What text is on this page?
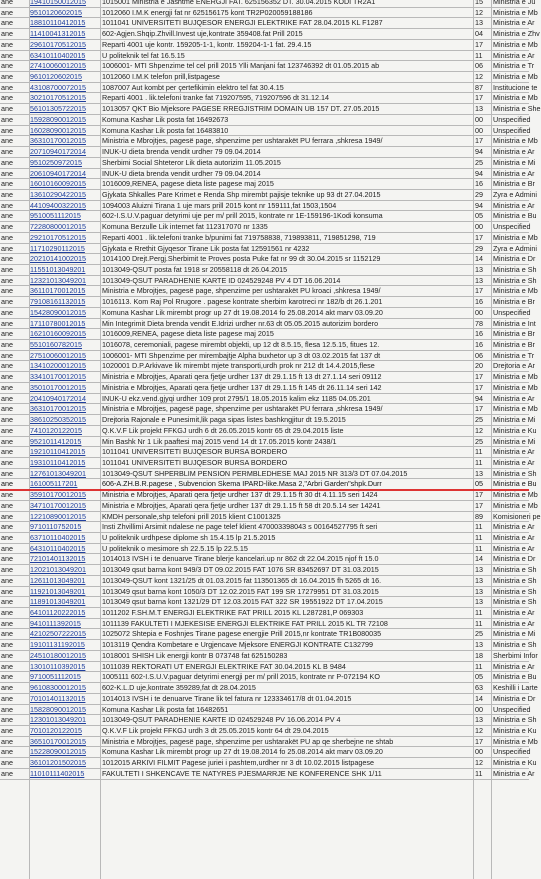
ane	19410150012015	1015001 Ministria e Jashtme ENERGJI FAT. 625156352 DT. 30.04.2015 KODI TR2A1	15	Ministria e Ju
ane	9510120602015	1012060 I.M.K energji fat nr 625156175 kont TR2P020059188186	12	Ministria e Mb
ane	18810110412015	1011041 UNIVERSITETI BUJQESOR ENERGJI ELEKTRIKE FAT 28.04.2015 KL F1287	13	Ministria e Ar
ane	11410041312015	602-Agjen.Shqip.Zhvill.Invest uje,kontrate 359408.fat Prill 2015	04	Ministria e Zhv
ane	29610170512015	Reparti 4001 uje kontr. 159205-1-1, kontr. 159204-1-1 fat. 29.4.15	17	Ministria e Mb
ane	63410110402015	U politeknik tel fat 16.5.15	11	Ministria e Ar
ane	27410060012015	1006001- MTI Shpenzime tel cel prill 2015 Ylli Manjani fat 123746392 dt 01.05.2015 ab	06	Ministria e Tr
ane	9610120602015	1012060 I.M.K telefon prill,listpagese	12	Ministria e Mb
ane	43108700072015	1087007 Aut kombt per çertefikimin elektro tel fat 30.4.15	87	Institucione te
ane	30210170512015	Reparti 4001 . lik.telefoni tranke fat 719207595, 719207596 dt 31.12.14	17	Ministria e Mb
ane	56101305722015	1013057 QKT Bio Mjeksore PAGESE RREGJISTRIM DOMAIN UB 157 DT. 27.05.2015	13	Ministria e She
ane	15928090012015	Komuna Kashar Lik posta fat 16492673	00	Unspecified
ane	16028090012015	Komuna Kashar Lik posta fat 16483810	00	Unspecified
ane	36310170012015	Ministria e Mbrojtjes, pagesë page, shpenzime per ushtarakët PU ferrara ,shkresa 1949/	17	Ministria e Mb
ane	20710940172014	INUK-U dieta brenda vendit urdher 79 09.04.2014	94	Ministria e Ar
ane	9510250972015	Sherbimi Social Shteteror Lik dieta autorizim 11.05.2015	25	Ministria e Mi
ane	20610940172014	INUK-U dieta brenda vendit urdher 79 09.04.2014	94	Ministria e Ar
ane	16010160092015	1016009,RENEA, pagese dieta liste pagese maj 2015	16	Ministria e Br
ane	13610290422015	Gjykata Shkalles Pare Krimet e Renda Shp mirembt pajisje teknike up 93 dt 27.04.2015	29	Zyra e Admini
ane	44109400322015	1094003 Aluizni Tirana 1 uje mars prill 2015 kont nr 159111,fat 1503,1504	94	Ministria e Ar
ane	9510051112015	602-I.S.U.V.paguar detyrimi uje per m/ prill 2015, kontrate nr 1E-159196-1Kodi konsuma	05	Ministria e Bu
ane	72280800012015	Komuna Berzulle Lik internet fat 112317070 nr 1335	00	Unspecified
ane	29210170512015	Reparti 4001 . lik.telefoni tranke b/punimi fat 719758838, 719893811, 719851298, 719	17	Ministria e Mb
ane	11710290112015	Gjykata e Rrethit Gjyqesor Tirane Lik posta fat 12591561 nr 4232	29	Zyra e Admini
ane	20210141002015	1014100 Drejt.Pergj.Sherbimit te Proves posta Puke fat nr 99 dt 30.04.2015 sr 1152129	14	Ministria e Dr
ane	11551013049201	1013049-QSUT posta fat 1918 sr 20558118 dt 26.04.2015	13	Ministria e Sh
ane	12321013049201	1013049-QSUT PARADHENIE KARTE ID 024529248 PV 4 DT 16.06.2014	13	Ministria e Sh
ane	36110170012015	Ministria e Mbrojtjes, pagesë page, shpenzime per ushtarakët PU kroaci ,shkresa 1949/	17	Ministria e Mb
ane	79108161132015	1016113. Kom Raj Pol Rrugore . pagese kontrate sherbim karotreci nr 182/b dt 26.1.201	16	Ministria e Br
ane	15428090012015	Komuna Kashar Lik mirembt progr up 27 dt 19.08.2014 fo 25.08.2014 akt marv 03.09.20	00	Unspecified
ane	17110780012015	Min Integrimit Dieta brenda vendit E.Idrizi urdher nr.63 dt 05.05.2015 autorizim bordero	78	Ministria e Int
ane	16210160092015	1016009,RENEA, pagese dieta liste pagese maj 2015	16	Ministria e Br
ane	5510160782015	1016078, ceremoniali, pagese mirembt objekti, up 12 dt 8.5.15, flesa 12.5.15, fitues 12.	16	Ministria e Br
ane	27510060012015	1006001- MTI Shpenzime per mirembajtje Alpha buxhetor up 3 dt 03.02.2015 fat 137 dt	06	Ministria e Tr
ane	13410200012015	1020001 D.P.Arkivave lik mirembt mjete transporti,urdh prok nr 212 dt 14.4.2015,flese	20	Drejtoria e Ar
ane	33410170012015	Ministria e Mbrojtjes, Aparati qera fjetje urdher 137 dt 29.1.15 ft 13 dt 27.1.14 seri 09112	17	Ministria e Mb
ane	35010170012015	Ministria e Mbrojtjes, Aparati qera fjetje urdher 137 dt 29.1.15 ft 145 dt 26.11.14 seri 142	17	Ministria e Mb
ane	20410940172014	INUK-U ekz.vend.gjyqi urdher 109 prot 2795/1 18.05.2015 kalim ekz 1185 04.05.201	94	Ministria e Ar
ane	36310170012015	Ministria e Mbrojtjes, pagesë page, shpenzime per ushtarakët PU ferrara ,shkresa 1949/	17	Ministria e Mb
ane	38610250352015	Drejtoria Rajonale e Punesimit,lik paga sipas listes bashkngjitur dt 19.5.2015	25	Ministria e Mi
ane	7410120122015	Q.K.V.F Lik projekt FFKGJ urdh 6 dt 26.05.2015 kontr 65 dt 29.04.2015 liste	12	Ministria e Ku
ane	9521011412015	Min Bashk Nr 1 Lik paaftesi maj 2015 vend 14 dt 17.05.2015 kontr 2438/1	25	Ministria e Mi
ane	19210110412015	1011041 UNIVERSITETI BUJQESOR BURSA BORDERO	11	Ministria e Ar
ane	19310110412015	1011041 UNIVERSITETI BUJQESOR BURSA BORDERO	11	Ministria e Ar
ane	12761013049201	1013049-QSUT SHPERBLIM PENSION PERMBLEDHESE MAJ 2015 NR 313/3 DT 07.04.2015	13	Ministria e Sh
ane	161005117201	606-A.ZH.B.R.pagese , Subvencion Skema IPARD-like.Masa 2,"Arbri Garden"shpk.Durr	05	Ministria e Bu
ane	35910170012015	Ministria e Mbrojtjes, Aparati qera fjetje urdher 137 dt 29.1.15 ft 30 dt 4.11.15 seri 1424	17	Ministria e Mb
ane	34710170012015	Ministria e Mbrojtjes, Aparati qera fjetje urdher 137 dt 29.1.15 ft 58 dt 20.5.14 ser 14241	17	Ministria e Mb
ane	12210890012015	KMDH personale,shp telefoni prill 2015 klient C1001325	89	Komisioneri pe
ane	9710110752015	Insti Zhvillimi Arsimit ndalese ne page telef klient 470003398043 s 00164527795 ft seri	11	Ministria e Ar
ane	63710110402015	U politeknik urdhpese diplome sh 15.4.15 lp 21.5.2015	11	Ministria e Ar
ane	64310110402015	U politeknik o mesimore sh 22.5.15 lp 22.5.15	11	Ministria e Ar
ane	72101401132015	1014013 IVSH i te denuarve Tirane blerje kancelari.up nr 862 dt 22.04.2015 njof ft 15.0	14	Ministria e Dr
ane	12021013049201	1013049 qsut barna kont 949/3 DT 09.02.2015 FAT 1076 SR 83452697 DT 31.03.2015	13	Ministria e Sh
ane	12611013049201	1013049-QSUT kont 1321/25 dt 01.03.2015 fat 113501365 dt 16.04.2015 fh 5265 dt 16.	13	Ministria e Sh
ane	11921013049201	1013049 qsut barna kont 1050/3 DT 12.02.2015 FAT 199 SR 17279951 DT 31.03.2015	13	Ministria e Sh
ane	11891013049201	1013049 qsut barna kont 1321/29 DT 12.03.2015 FAT 322 SR 19551922 DT 17.04.2015	13	Ministria e Sh
ane	64101120222015	1011202 F.SH.M.T ENERGJI ELEKTRIKE FAT PRILL 2015 KL L287281,P 069303	11	Ministria e Ar
ane	9410111392015	1011139 FAKULTETI I MJEKESISE ENERGJI ELEKTRIKE FAT PRILL 2015 KL TR 72108	11	Ministria e Ar
ane	42102507222015	1025072 Shtepia e Foshnjes Tirane pagese energjie Prill 2015,nr kontrate TR1B080035	25	Ministria e Mi
ane	19101131192015	1013119 Qendra Kombetare e Urgjencave Mjeksore ENERGJI KONTRATE C132799	13	Ministria e Sh
ane	24510180012015	1018001 SHISH Lik energji kontr B 073748 fat 625150283	18	Sherbimi Infor
ane	13010110392015	1011039 REKTORATI UT ENERGJI ELEKTRIKE FAT 30.04.2015 KL B 9484	11	Ministria e Ar
ane	9710051112015	1005111 602-I.S.U.V.paguar detyrimi energji per m/ prill 2015, kontrate nr P-072194 KO	05	Ministria e Bu
ane	96108300012015	602-K.L.D uje,kontrate 359289,fat dt 28.04.2015	63	Keshilli i Larte
ane	70101401132015	1014013 IVSH i te denuarve Tirane lik tel fatura nr 123334617/8 dt 01.04.2015	14	Ministria e Dr
ane	15828090012015	Komuna Kashar Lik posta fat 16482651	00	Unspecified
ane	12301013049201	1013049-QSUT PARADHENIE KARTE ID 024529248 PV 16.06.2014 PV 4	13	Ministria e Sh
ane	7010120122015	Q.K.V.F Lik projekt FFKGJ urdh 3 dt 25.05.2015 kontr 64 dt 29.04.2015	12	Ministria e Ku
ane	36510170012015	Ministria e Mbrojtjes, pagesë page, shpenzime per ushtarakët PU ap qe sherbejne ne shtab	17	Ministria e Mb
ane	15228090012015	Komuna Kashar Lik mirembt progr up 27 dt 19.08.2014 fo 25.08.2014 akt marv 03.09.20	00	Unspecified
ane	36101201502015	1012015 ARKIVI FILMIT Pagese juriei i pashtem,urdher nr 3 dt 10.02.2015 listpagese	12	Ministria e Ku
ane	11010111402015	FAKULTETI I SHKENCAVE TE NATYRES PJESMARRJE NE KONFERENCE SHK 1/11	11	Ministria e Ar
